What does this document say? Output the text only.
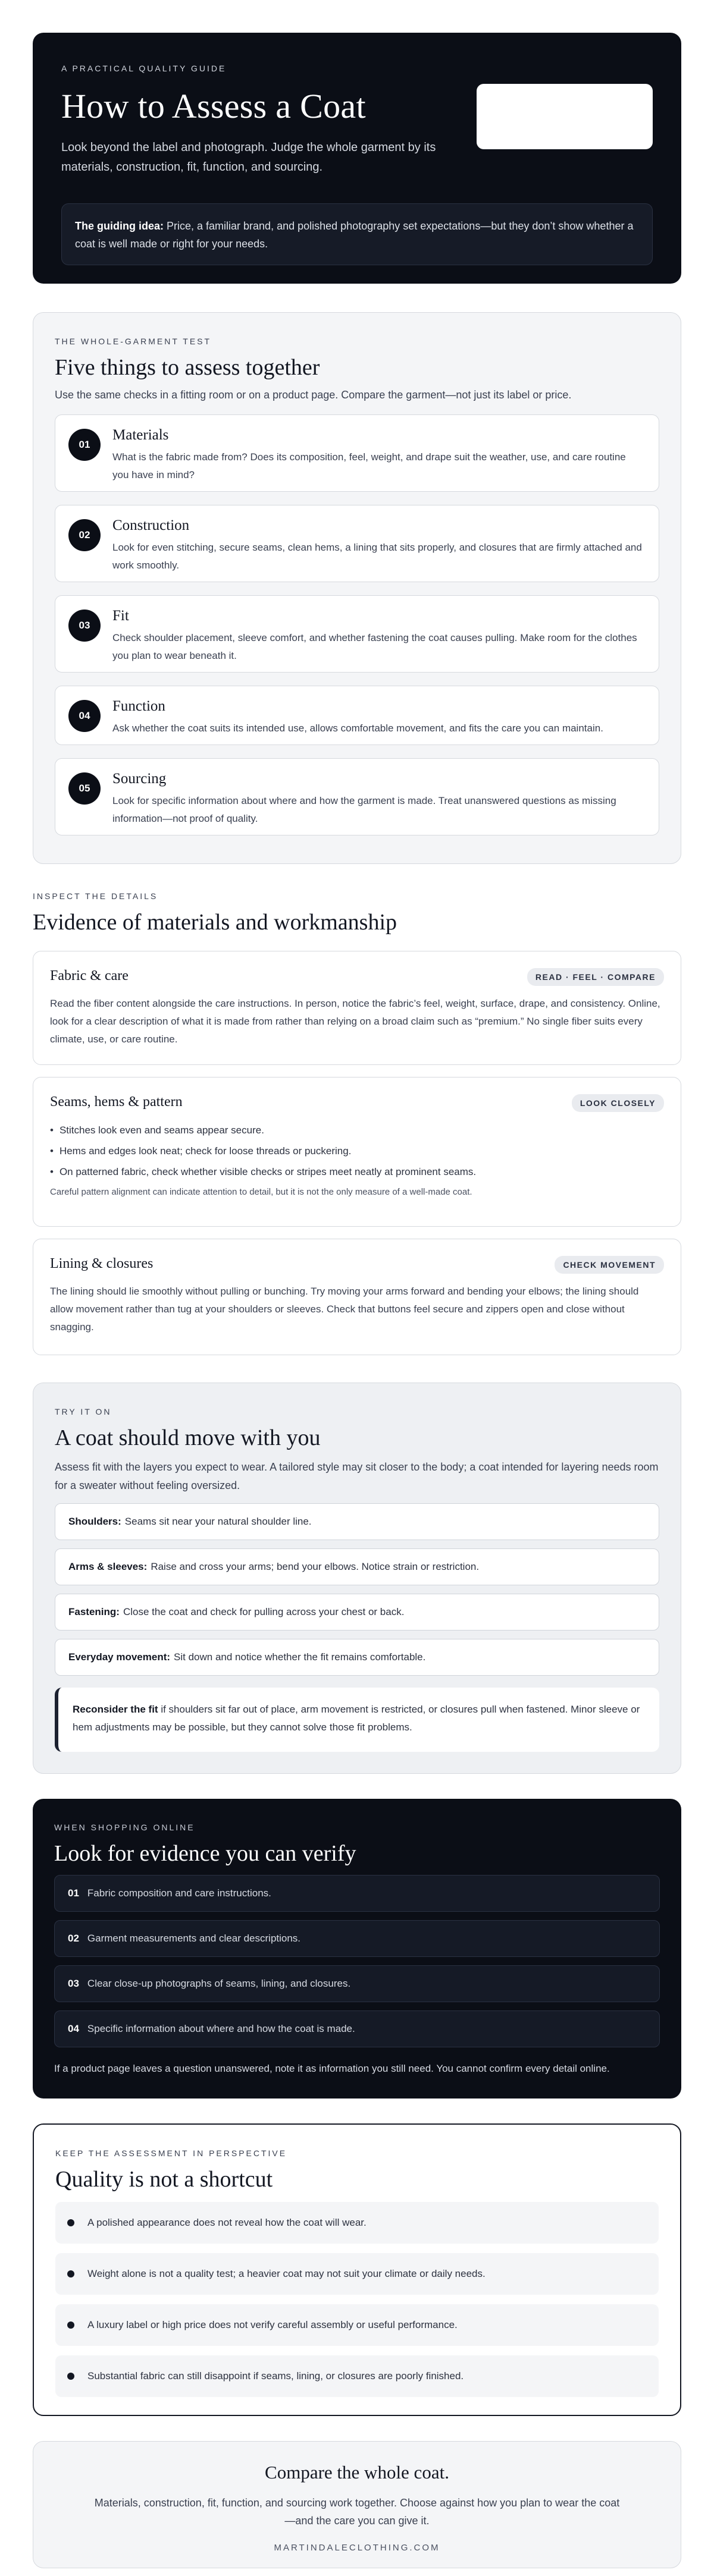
A PRACTICAL QUALITY GUIDE
How to Assess a Coat

Look beyond the label and photograph. Judge the whole garment by its materials, construction, fit, function, and sourcing.

The guiding idea: Price, a familiar brand, and polished photography set expectations—but they don’t show whether a coat is well made or right for your needs.
THE WHOLE-GARMENT TEST
Five things to assess together

Use the same checks in a fitting room or on a product page. Compare the garment—not just its label or price.

01
Materials

What is the fabric made from? Does its composition, feel, weight, and drape suit the weather, use, and care routine you have in mind?

02
Construction

Look for even stitching, secure seams, clean hems, a lining that sits properly, and closures that are firmly attached and work smoothly.

03
Fit

Check shoulder placement, sleeve comfort, and whether fastening the coat causes pulling. Make room for the clothes you plan to wear beneath it.

04
Function

Ask whether the coat suits its intended use, allows comfortable movement, and fits the care you can maintain.

05
Sourcing

Look for specific information about where and how the garment is made. Treat unanswered questions as missing information—not proof of quality.

INSPECT THE DETAILS
Evidence of materials and workmanship
Fabric & care	READ · FEEL · COMPARE

Read the fiber content alongside the care instructions. In person, notice the fabric’s feel, weight, surface, drape, and consistency. Online, look for a clear description of what it is made from rather than relying on a broad claim such as “premium.” No single fiber suits every climate, use, or care routine.

Seams, hems & pattern	LOOK CLOSELY
• Stitches look even and seams appear secure.
• Hems and edges look neat; check for loose threads or puckering.
• On patterned fabric, check whether visible checks or stripes meet neatly at prominent seams.

Careful pattern alignment can indicate attention to detail, but it is not the only measure of a well-made coat.

Lining & closures	CHECK MOVEMENT

The lining should lie smoothly without pulling or bunching. Try moving your arms forward and bending your elbows; the lining should allow movement rather than tug at your shoulders or sleeves. Check that buttons feel secure and zippers open and close without snagging.

TRY IT ON
A coat should move with you

Assess fit with the layers you expect to wear. A tailored style may sit closer to the body; a coat intended for layering needs room for a sweater without feeling oversized.

Shoulders: Seams sit near your natural shoulder line.
Arms & sleeves: Raise and cross your arms; bend your elbows. Notice strain or restriction.
Fastening: Close the coat and check for pulling across your chest or back.
Everyday movement: Sit down and notice whether the fit remains comfortable.
Reconsider the fit if shoulders sit far out of place, arm movement is restricted, or closures pull when fastened. Minor sleeve or hem adjustments may be possible, but they cannot solve those fit problems.
WHEN SHOPPING ONLINE
Look for evidence you can verify
01 Fabric composition and care instructions.
02 Garment measurements and clear descriptions.
03 Clear close-up photographs of seams, lining, and closures.
04 Specific information about where and how the coat is made.

If a product page leaves a question unanswered, note it as information you still need. You cannot confirm every detail online.

KEEP THE ASSESSMENT IN PERSPECTIVE
Quality is not a shortcut
A polished appearance does not reveal how the coat will wear.
Weight alone is not a quality test; a heavier coat may not suit your climate or daily needs.
A luxury label or high price does not verify careful assembly or useful performance.
Substantial fabric can still disappoint if seams, lining, or closures are poorly finished.
Compare the whole coat.

Materials, construction, fit, function, and sourcing work together. Choose against how you plan to wear the coat—and the care you can give it.

MARTINDALECLOTHING.COM
